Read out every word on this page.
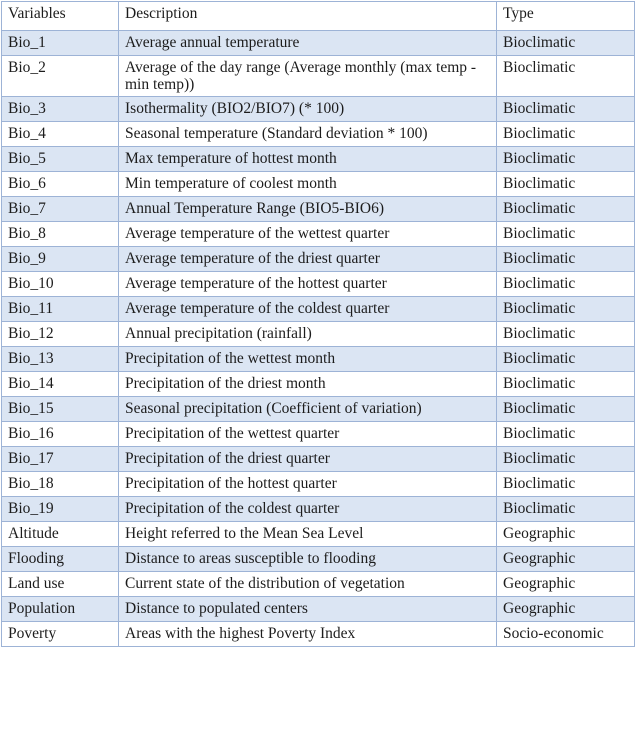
Variables	Description	Type
Bio_1	Average annual temperature	Bioclimatic
Bio_2	Average of the day range (Average monthly (max temp - min temp))	Bioclimatic
Bio_3	Isothermality (BIO2/BIO7) (* 100)	Bioclimatic
Bio_4	Seasonal temperature (Standard deviation * 100)	Bioclimatic
Bio_5	Max temperature of hottest month	Bioclimatic
Bio_6	Min temperature of coolest month	Bioclimatic
Bio_7	Annual Temperature Range (BIO5-BIO6)	Bioclimatic
Bio_8	Average temperature of the wettest quarter	Bioclimatic
Bio_9	Average temperature of the driest quarter	Bioclimatic
Bio_10	Average temperature of the hottest quarter	Bioclimatic
Bio_11	Average temperature of the coldest quarter	Bioclimatic
Bio_12	Annual precipitation (rainfall)	Bioclimatic
Bio_13	Precipitation of the wettest month	Bioclimatic
Bio_14	Precipitation of the driest month	Bioclimatic
Bio_15	Seasonal precipitation (Coefficient of variation)	Bioclimatic
Bio_16	Precipitation of the wettest quarter	Bioclimatic
Bio_17	Precipitation of the driest quarter	Bioclimatic
Bio_18	Precipitation of the hottest quarter	Bioclimatic
Bio_19	Precipitation of the coldest quarter	Bioclimatic
Altitude	Height referred to the Mean Sea Level	Geographic
Flooding	Distance to areas susceptible to flooding	Geographic
Land use	Current state of the distribution of vegetation	Geographic
Population	Distance to populated centers	Geographic
Poverty	Areas with the highest Poverty Index	Socio-economic
